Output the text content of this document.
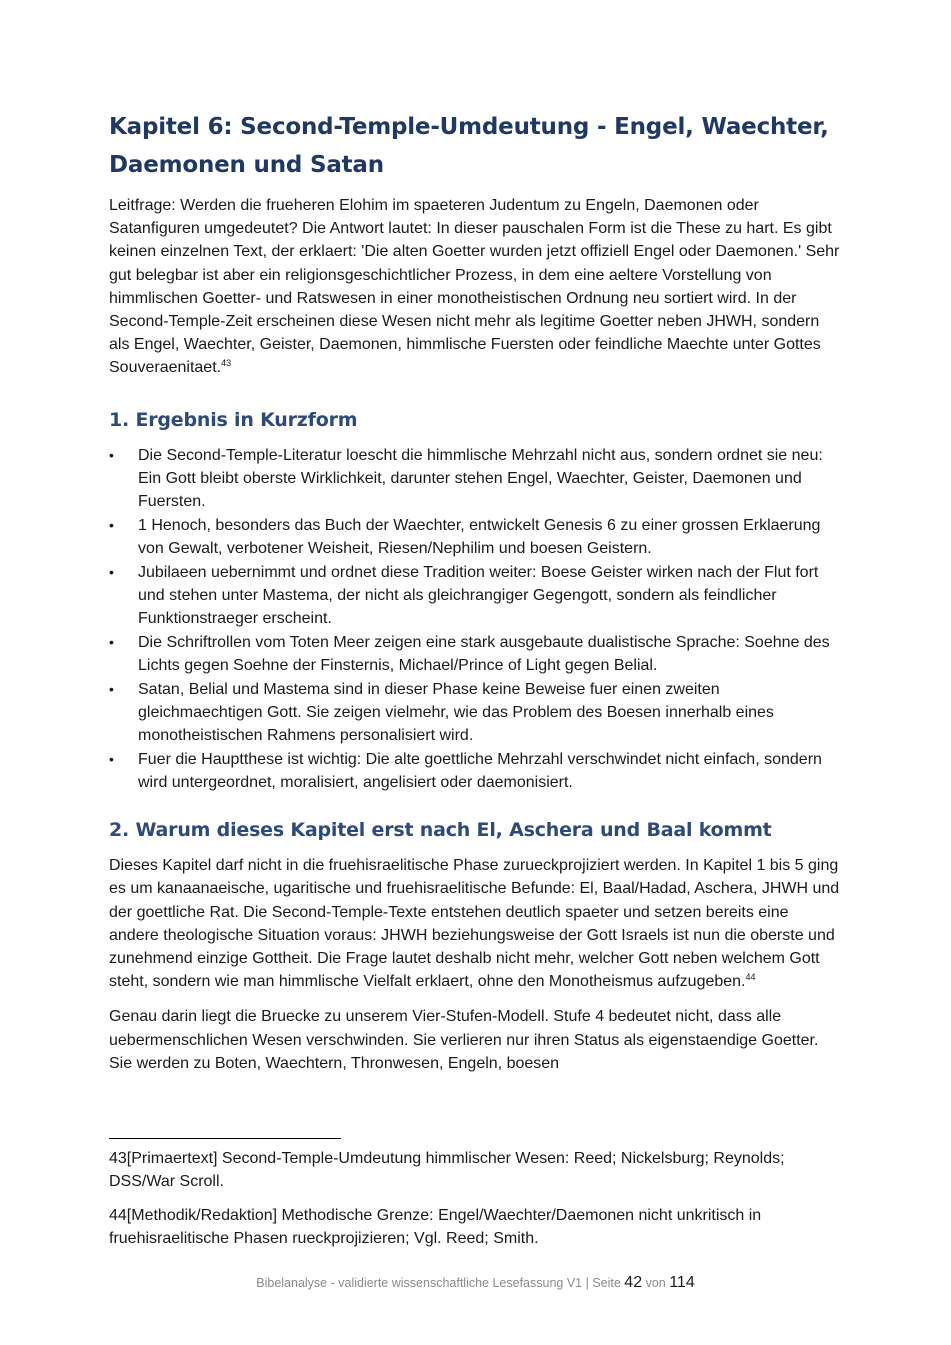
Kapitel 6: Second-Temple-Umdeutung - Engel, Waechter, Daemonen und Satan

Leitfrage: Werden die frueheren Elohim im spaeteren Judentum zu Engeln, Daemonen oder Satanfiguren umgedeutet? Die Antwort lautet: In dieser pauschalen Form ist die These zu hart. Es gibt keinen einzelnen Text, der erklaert: 'Die alten Goetter wurden jetzt offiziell Engel oder Daemonen.' Sehr gut belegbar ist aber ein religionsgeschichtlicher Prozess, in dem eine aeltere Vorstellung von himmlischen Goetter- und Ratswesen in einer monotheistischen Ordnung neu sortiert wird. In der Second-Temple-Zeit erscheinen diese Wesen nicht mehr als legitime Goetter neben JHWH, sondern als Engel, Waechter, Geister, Daemonen, himmlische Fuersten oder feindliche Maechte unter Gottes Souveraenitaet.$^{43}$

1. Ergebnis in Kurzform
•	Die Second-Temple-Literatur loescht die himmlische Mehrzahl nicht aus, sondern ordnet sie neu: Ein Gott bleibt oberste Wirklichkeit, darunter stehen Engel, Waechter, Geister, Daemonen und Fuersten.
•	1 Henoch, besonders das Buch der Waechter, entwickelt Genesis 6 zu einer grossen Erklaerung von Gewalt, verbotener Weisheit, Riesen/Nephilim und boesen Geistern.
•	Jubilaeen uebernimmt und ordnet diese Tradition weiter: Boese Geister wirken nach der Flut fort und stehen unter Mastema, der nicht als gleichrangiger Gegengott, sondern als feindlicher Funktionstraeger erscheint.
•	Die Schriftrollen vom Toten Meer zeigen eine stark ausgebaute dualistische Sprache: Soehne des Lichts gegen Soehne der Finsternis, Michael/Prince of Light gegen Belial.
•	Satan, Belial und Mastema sind in dieser Phase keine Beweise fuer einen zweiten gleichmaechtigen Gott. Sie zeigen vielmehr, wie das Problem des Boesen innerhalb eines monotheistischen Rahmens personalisiert wird.
•	Fuer die Hauptthese ist wichtig: Die alte goettliche Mehrzahl verschwindet nicht einfach, sondern wird untergeordnet, moralisiert, angelisiert oder daemonisiert.
2. Warum dieses Kapitel erst nach El, Aschera und Baal kommt

Dieses Kapitel darf nicht in die fruehisraelitische Phase zurueckprojiziert werden. In Kapitel 1 bis 5 ging es um kanaanaeische, ugaritische und fruehisraelitische Befunde: El, Baal/Hadad, Aschera, JHWH und der goettliche Rat. Die Second-Temple-Texte entstehen deutlich spaeter und setzen bereits eine andere theologische Situation voraus: JHWH beziehungsweise der Gott Israels ist nun die oberste und zunehmend einzige Gottheit. Die Frage lautet deshalb nicht mehr, welcher Gott neben welchem Gott steht, sondern wie man himmlische Vielfalt erklaert, ohne den Monotheismus aufzugeben.$^{44}$

Genau darin liegt die Bruecke zu unserem Vier-Stufen-Modell. Stufe 4 bedeutet nicht, dass alle uebermenschlichen Wesen verschwinden. Sie verlieren nur ihren Status als eigenstaendige Goetter. Sie werden zu Boten, Waechtern, Thronwesen, Engeln, boesen

43[Primaertext] Second-Temple-Umdeutung himmlischer Wesen: Reed; Nickelsburg; Reynolds; DSS/War Scroll.

44[Methodik/Redaktion] Methodische Grenze: Engel/Waechter/Daemonen nicht unkritisch in fruehisraelitische Phasen rueckprojizieren; Vgl. Reed; Smith.

Bibelanalyse - validierte wissenschaftliche Lesefassung V1 | Seite 42 von 114
